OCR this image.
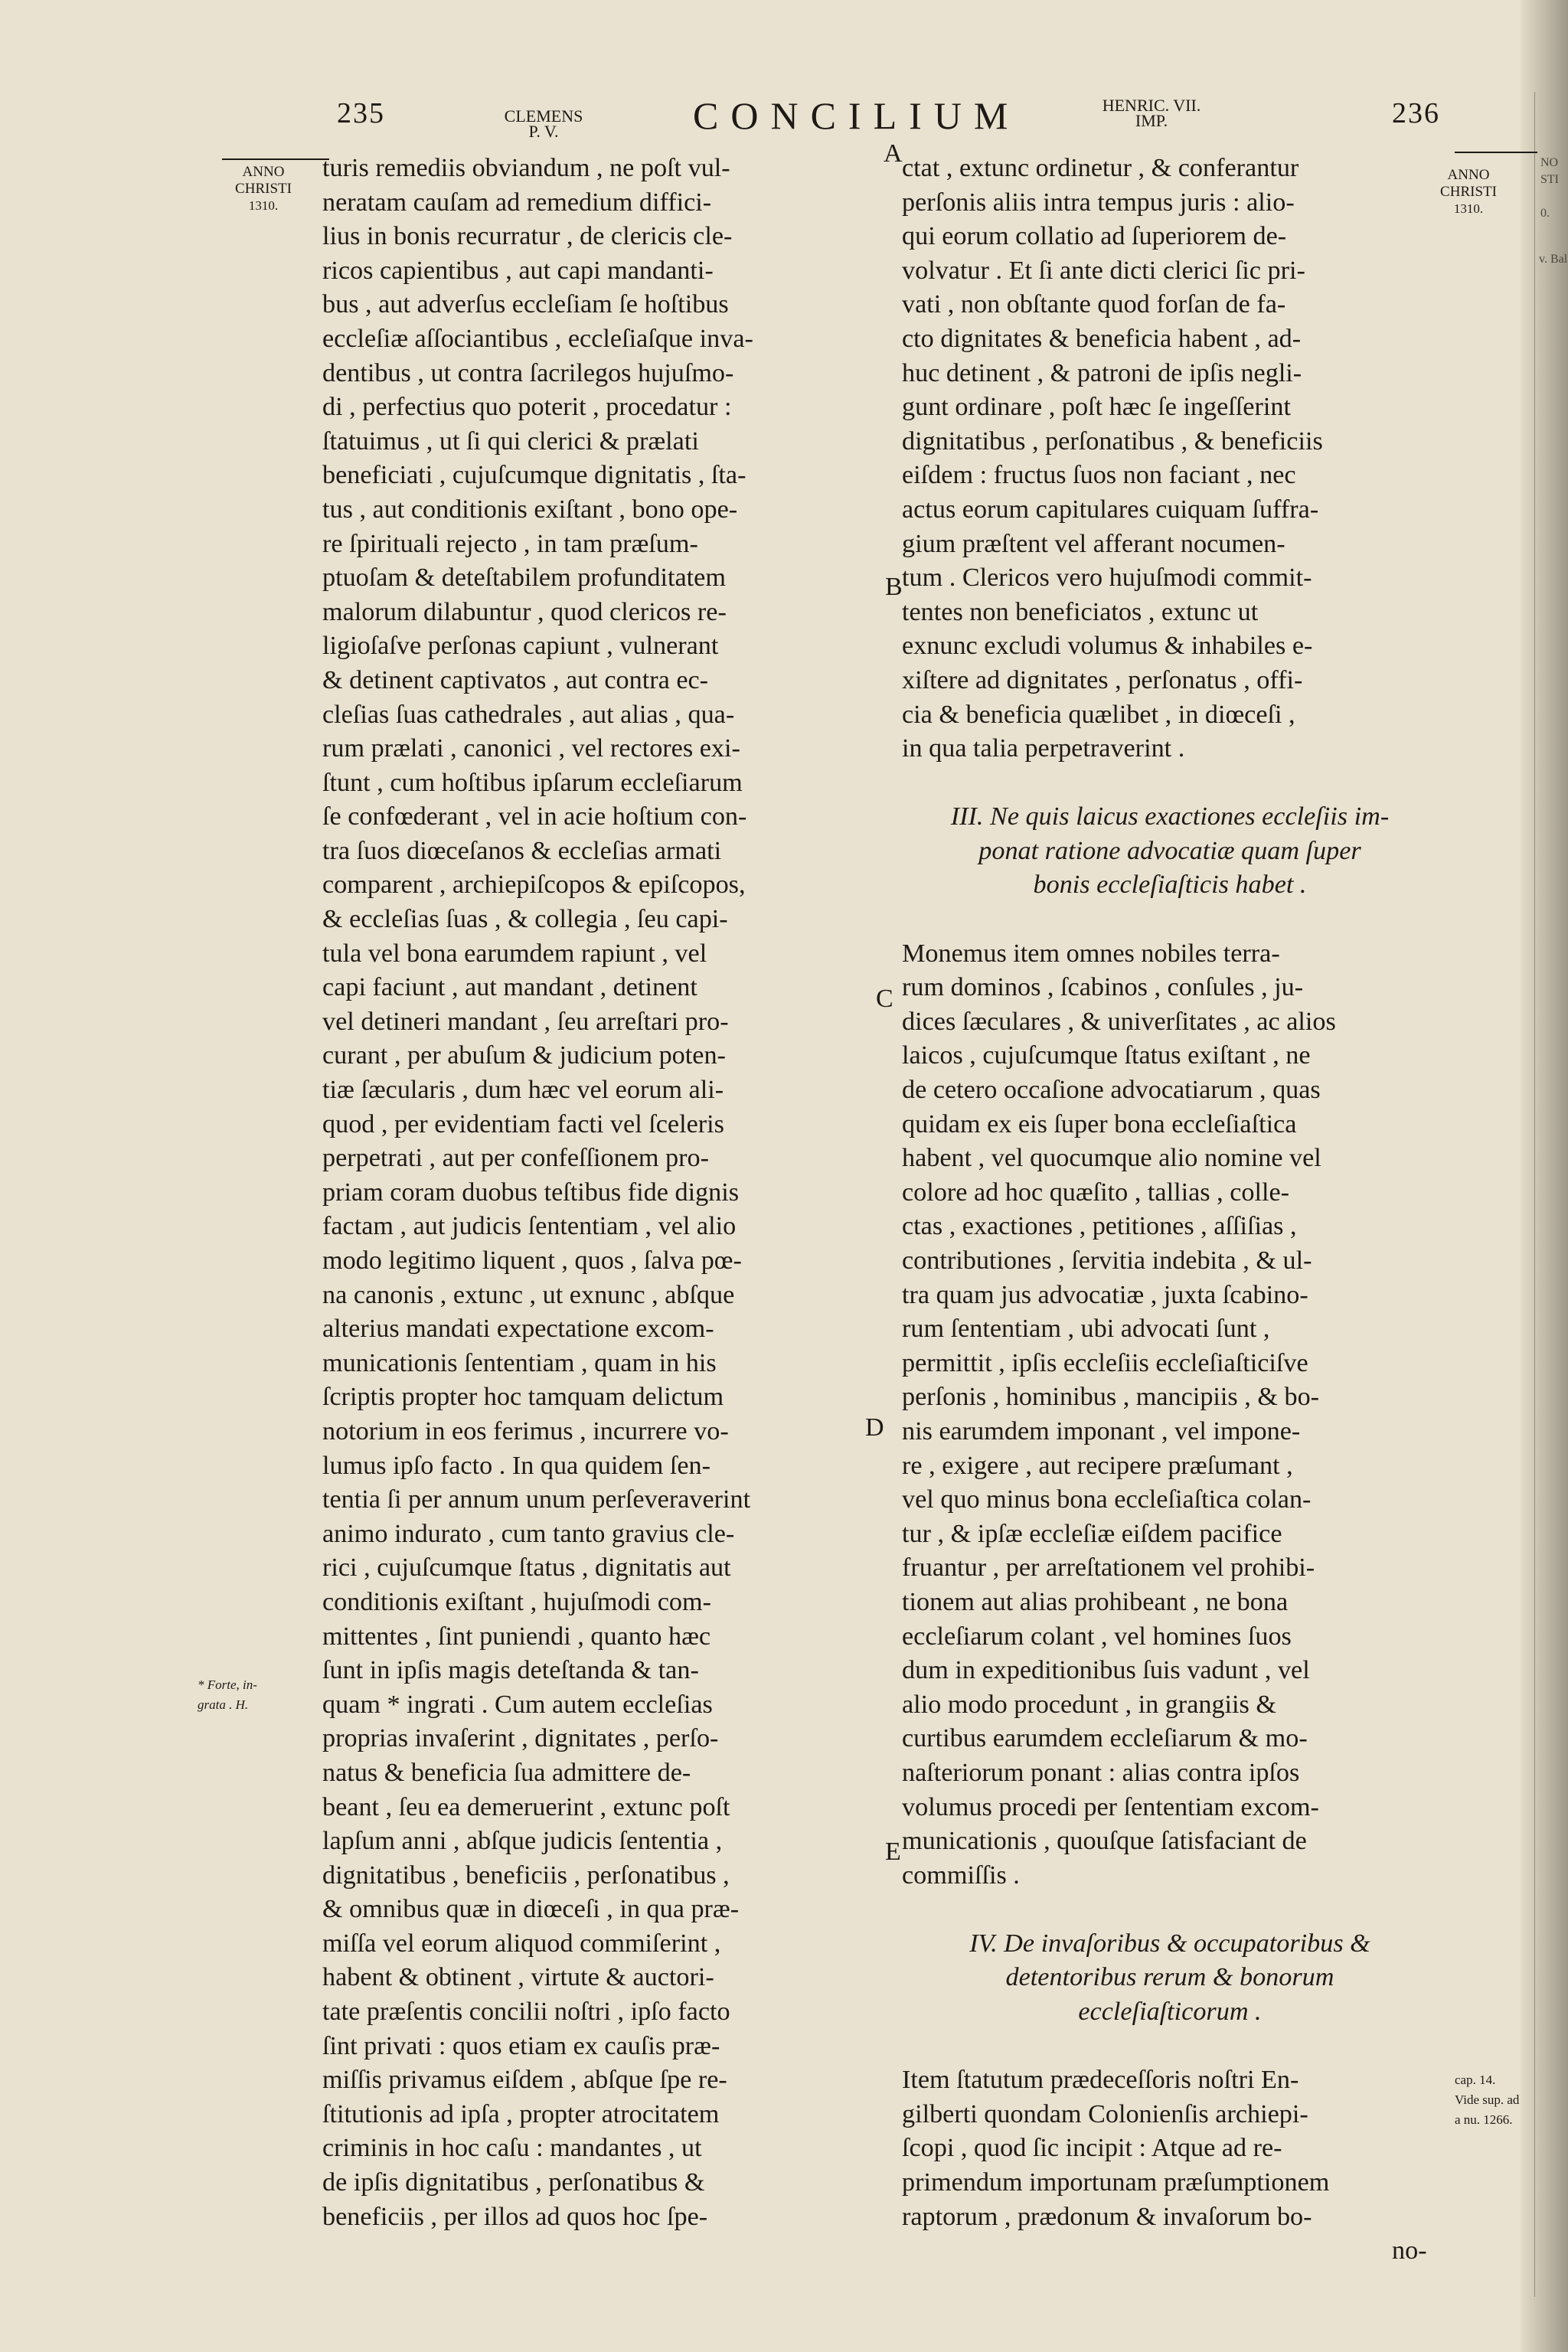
235	CLEMENS
P. V.	CONCILIUM	HENRIC. VII.
IMP.	236
ANNO
CHRISTI
1310.
ANNO
CHRISTI
1310.
* Forte, in-
grata . H.
cap. 14.
Vide sup. ad
a nu. 1266.
NO
STI
0.
v. Bal
A
B
C
D
E
turis remediis obviandum , ne poſt vul-
neratam cauſam ad remedium diffici-
lius in bonis recurratur , de clericis cle-
ricos capientibus , aut capi mandanti-
bus , aut adverſus eccleſiam ſe hoſtibus
eccleſiæ aſſociantibus , eccleſiaſque inva-
dentibus , ut contra ſacrilegos hujuſmo-
di , perfectius quo poterit , procedatur :
ſtatuimus , ut ſi qui clerici & prælati
beneficiati , cujuſcumque dignitatis , ſta-
tus , aut conditionis exiſtant , bono ope-
re ſpirituali rejecto , in tam præſum-
ptuoſam & deteſtabilem profunditatem
malorum dilabuntur , quod clericos re-
ligioſaſve perſonas capiunt , vulnerant
& detinent captivatos , aut contra ec-
cleſias ſuas cathedrales , aut alias , qua-
rum prælati , canonici , vel rectores exi-
ſtunt , cum hoſtibus ipſarum eccleſiarum
ſe confœderant , vel in acie hoſtium con-
tra ſuos diœceſanos & eccleſias armati
comparent , archiepiſcopos & epiſcopos,
& eccleſias ſuas , & collegia , ſeu capi-
tula vel bona earumdem rapiunt , vel
capi faciunt , aut mandant , detinent
vel detineri mandant , ſeu arreſtari pro-
curant , per abuſum & judicium poten-
tiæ ſæcularis , dum hæc vel eorum ali-
quod , per evidentiam facti vel ſceleris
perpetrati , aut per confeſſionem pro-
priam coram duobus teſtibus fide dignis
factam , aut judicis ſententiam , vel alio
modo legitimo liquent , quos , ſalva pœ-
na canonis , extunc , ut exnunc , abſque
alterius mandati expectatione excom-
municationis ſententiam , quam in his
ſcriptis propter hoc tamquam delictum
notorium in eos ferimus , incurrere vo-
lumus ipſo facto . In qua quidem ſen-
tentia ſi per annum unum perſeveraverint
animo indurato , cum tanto gravius cle-
rici , cujuſcumque ſtatus , dignitatis aut
conditionis exiſtant , hujuſmodi com-
mittentes , ſint puniendi , quanto hæc
ſunt in ipſis magis deteſtanda & tan-
quam * ingrati . Cum autem eccleſias
proprias invaſerint , dignitates , perſo-
natus & beneficia ſua admittere de-
beant , ſeu ea demeruerint , extunc poſt
lapſum anni , abſque judicis ſententia ,
dignitatibus , beneficiis , perſonatibus ,
& omnibus quæ in diœceſi , in qua præ-
miſſa vel eorum aliquod commiſerint ,
habent & obtinent , virtute & auctori-
tate præſentis concilii noſtri , ipſo facto
ſint privati : quos etiam ex cauſis præ-
miſſis privamus eiſdem , abſque ſpe re-
ſtitutionis ad ipſa , propter atrocitatem
criminis in hoc caſu : mandantes , ut
de ipſis dignitatibus , perſonatibus &
beneficiis , per illos ad quos hoc ſpe-
ctat , extunc ordinetur , & conferantur
perſonis aliis intra tempus juris : alio-
qui eorum collatio ad ſuperiorem de-
volvatur . Et ſi ante dicti clerici ſic pri-
vati , non obſtante quod forſan de fa-
cto dignitates & beneficia habent , ad-
huc detinent , & patroni de ipſis negli-
gunt ordinare , poſt hæc ſe ingeſſerint
dignitatibus , perſonatibus , & beneficiis
eiſdem : fructus ſuos non faciant , nec
actus eorum capitulares cuiquam ſuffra-
gium præſtent vel afferant nocumen-
tum . Clericos vero hujuſmodi commit-
tentes non beneficiatos , extunc ut
exnunc excludi volumus & inhabiles e-
xiſtere ad dignitates , perſonatus , offi-
cia & beneficia quælibet , in diœceſi ,
in qua talia perpetraverint .
III. Ne quis laicus exactiones eccleſiis im-
ponat ratione advocatiæ quam ſuper
bonis eccleſiaſticis habet .
Monemus item omnes nobiles terra-
rum dominos , ſcabinos , conſules , ju-
dices ſæculares , & univerſitates , ac alios
laicos , cujuſcumque ſtatus exiſtant , ne
de cetero occaſione advocatiarum , quas
quidam ex eis ſuper bona eccleſiaſtica
habent , vel quocumque alio nomine vel
colore ad hoc quæſito , tallias , colle-
ctas , exactiones , petitiones , aſſiſias ,
contributiones , ſervitia indebita , & ul-
tra quam jus advocatiæ , juxta ſcabino-
rum ſententiam , ubi advocati ſunt ,
permittit , ipſis eccleſiis eccleſiaſticiſve
perſonis , hominibus , mancipiis , & bo-
nis earumdem imponant , vel impone-
re , exigere , aut recipere præſumant ,
vel quo minus bona eccleſiaſtica colan-
tur , & ipſæ eccleſiæ eiſdem pacifice
fruantur , per arreſtationem vel prohibi-
tionem aut alias prohibeant , ne bona
eccleſiarum colant , vel homines ſuos
dum in expeditionibus ſuis vadunt , vel
alio modo procedunt , in grangiis &
curtibus earumdem eccleſiarum & mo-
naſteriorum ponant : alias contra ipſos
volumus procedi per ſententiam excom-
municationis , quouſque ſatisfaciant de
commiſſis .
IV. De invaſoribus & occupatoribus &
detentoribus rerum & bonorum
eccleſiaſticorum .
Item ſtatutum prædeceſſoris noſtri En-
gilberti quondam Colonienſis archiepi-
ſcopi , quod ſic incipit : Atque ad re-
primendum importunam præſumptionem
raptorum , prædonum & invaſorum bo-
no-
